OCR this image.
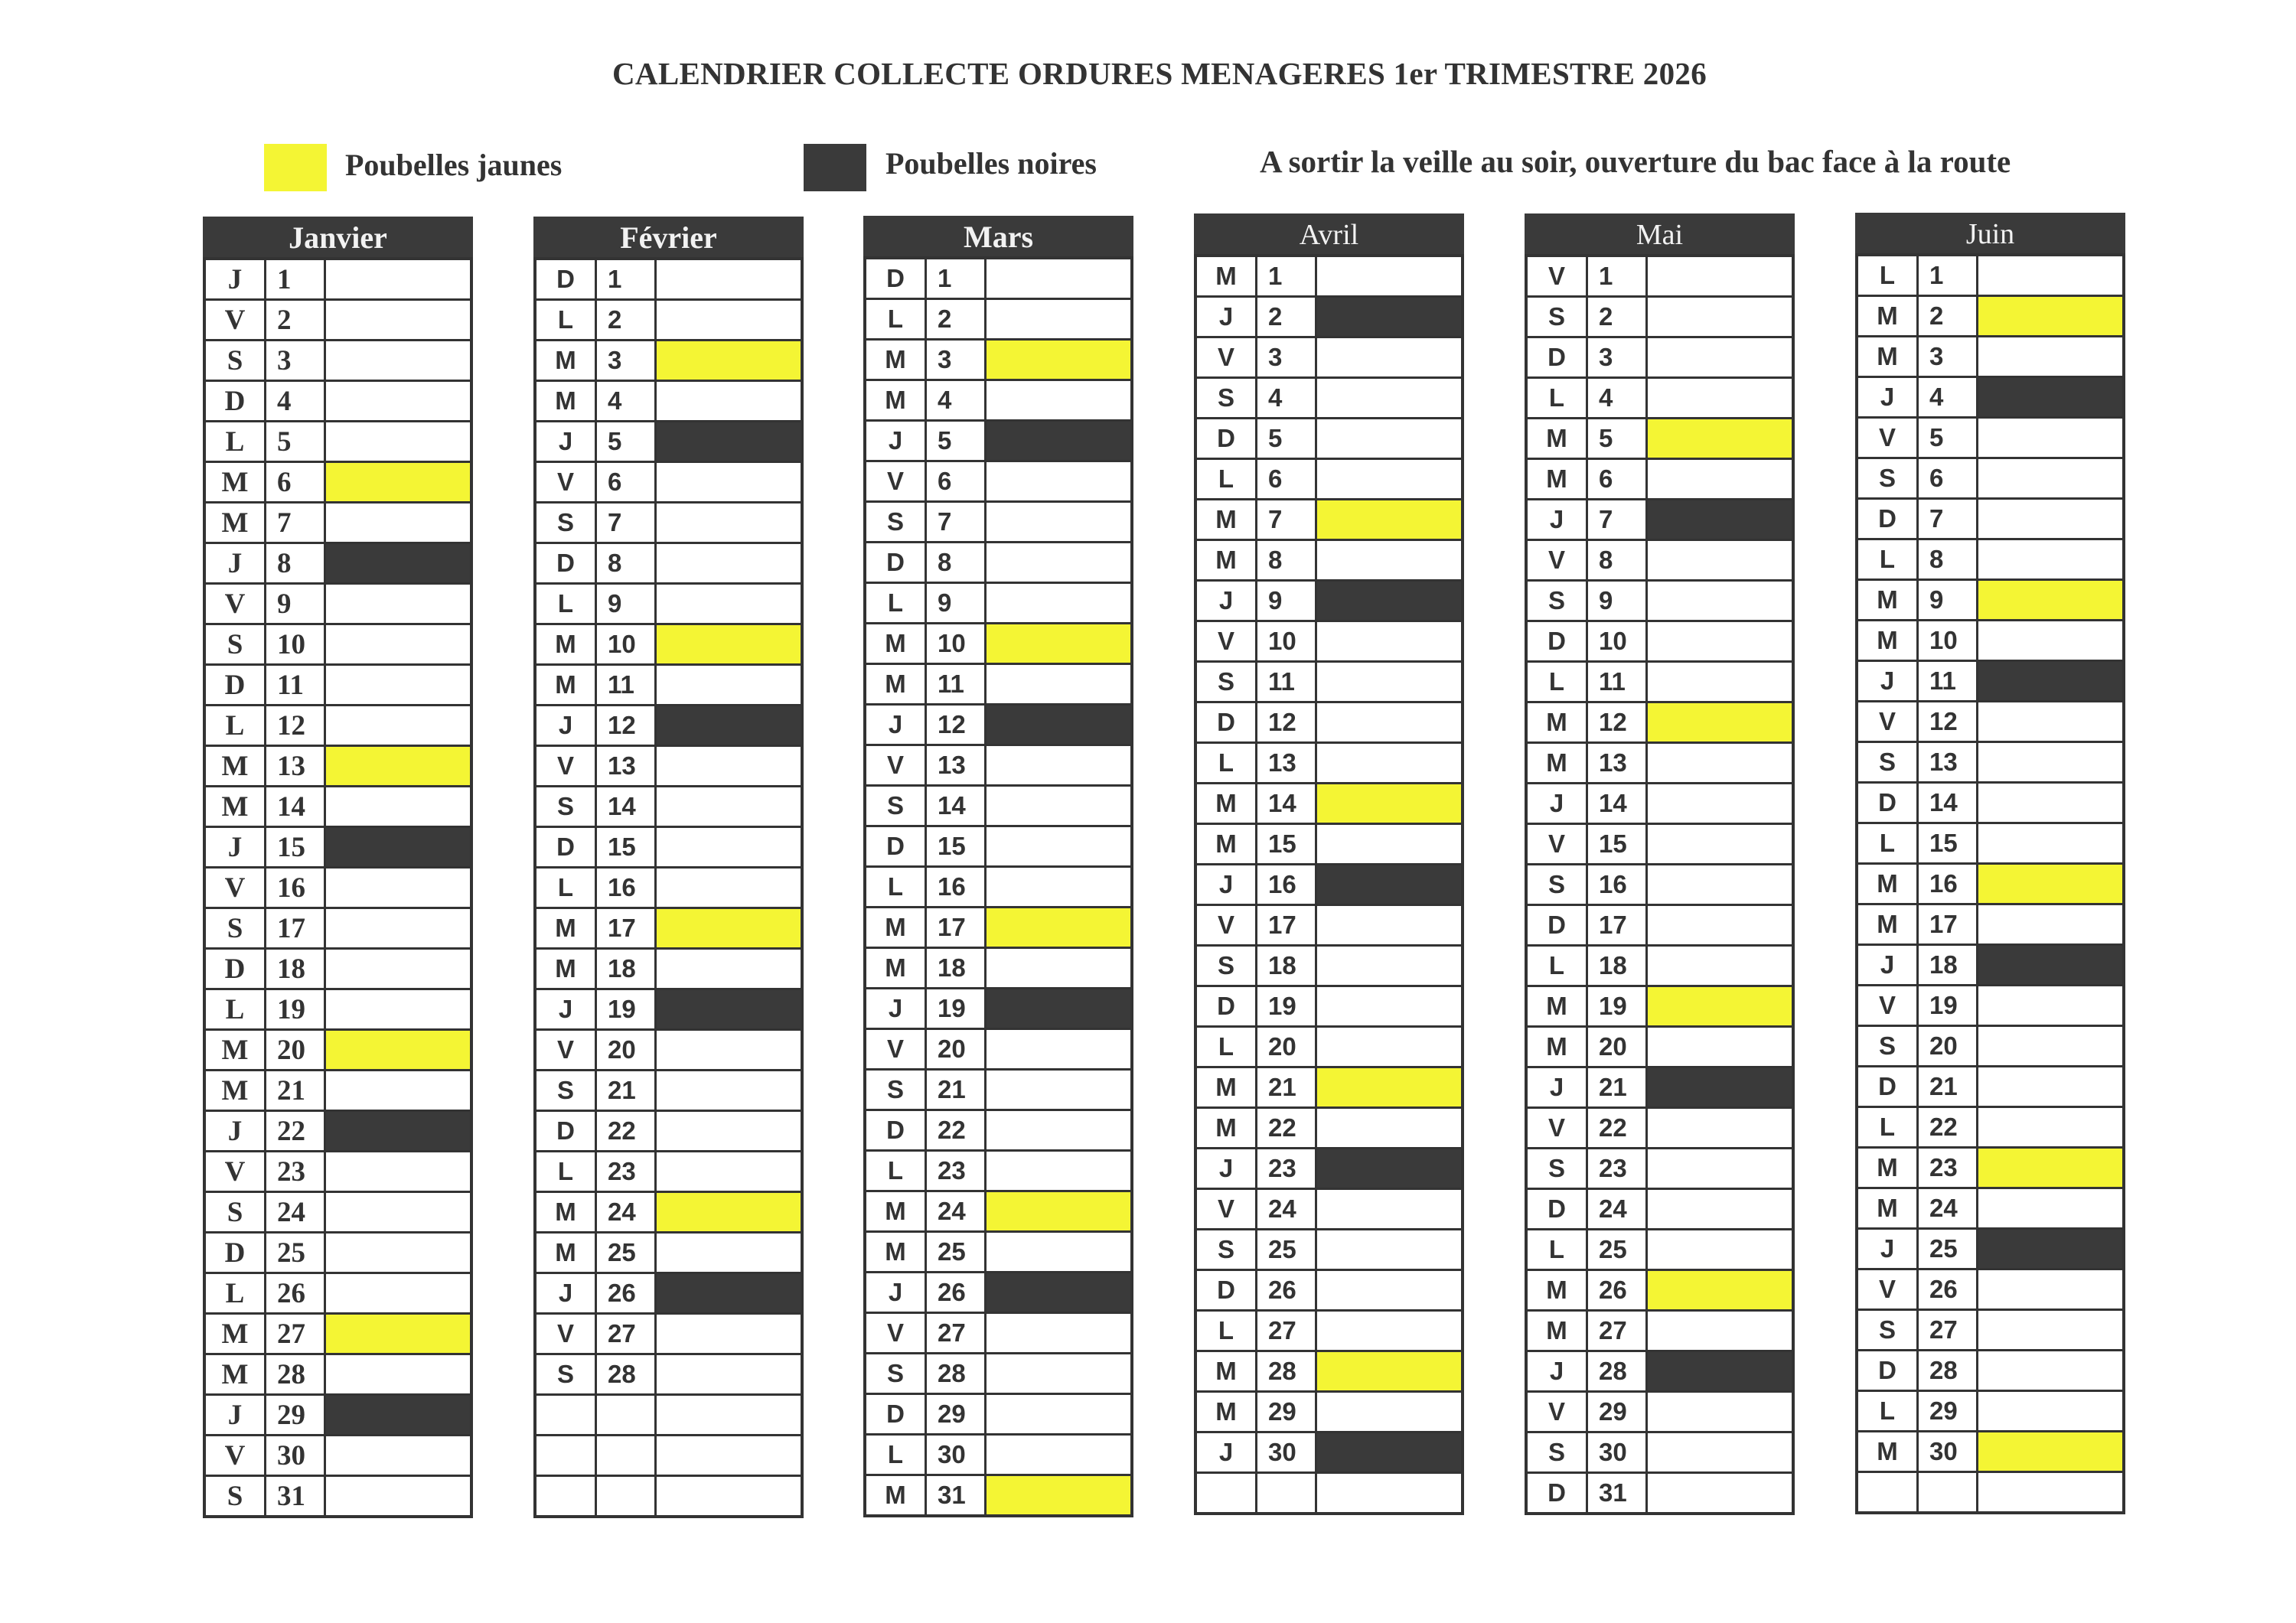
CALENDRIER COLLECTE ORDURES MENAGERES 1er TRIMESTRE 2026
Poubelles jaunes	Poubelles noires	A sortir la veille au soir, ouverture du bac face à la route
Janvier
J	1	
V	2	
S	3	
D	4	
L	5	
M	6	
M	7	
J	8	
V	9	
S	10	
D	11	
L	12	
M	13	
M	14	
J	15	
V	16	
S	17	
D	18	
L	19	
M	20	
M	21	
J	22	
V	23	
S	24	
D	25	
L	26	
M	27	
M	28	
J	29	
V	30	
S	31	
Février
D	1	
L	2	
M	3	
M	4	
J	5	
V	6	
S	7	
D	8	
L	9	
M	10	
M	11	
J	12	
V	13	
S	14	
D	15	
L	16	
M	17	
M	18	
J	19	
V	20	
S	21	
D	22	
L	23	
M	24	
M	25	
J	26	
V	27	
S	28	

Mars
D	1	
L	2	
M	3	
M	4	
J	5	
V	6	
S	7	
D	8	
L	9	
M	10	
M	11	
J	12	
V	13	
S	14	
D	15	
L	16	
M	17	
M	18	
J	19	
V	20	
S	21	
D	22	
L	23	
M	24	
M	25	
J	26	
V	27	
S	28	
D	29	
L	30	
M	31	
Avril
M	1	
J	2	
V	3	
S	4	
D	5	
L	6	
M	7	
M	8	
J	9	
V	10	
S	11	
D	12	
L	13	
M	14	
M	15	
J	16	
V	17	
S	18	
D	19	
L	20	
M	21	
M	22	
J	23	
V	24	
S	25	
D	26	
L	27	
M	28	
M	29	
J	30	

Mai
V	1	
S	2	
D	3	
L	4	
M	5	
M	6	
J	7	
V	8	
S	9	
D	10	
L	11	
M	12	
M	13	
J	14	
V	15	
S	16	
D	17	
L	18	
M	19	
M	20	
J	21	
V	22	
S	23	
D	24	
L	25	
M	26	
M	27	
J	28	
V	29	
S	30	
D	31	
Juin
L	1	
M	2	
M	3	
J	4	
V	5	
S	6	
D	7	
L	8	
M	9	
M	10	
J	11	
V	12	
S	13	
D	14	
L	15	
M	16	
M	17	
J	18	
V	19	
S	20	
D	21	
L	22	
M	23	
M	24	
J	25	
V	26	
S	27	
D	28	
L	29	
M	30	
